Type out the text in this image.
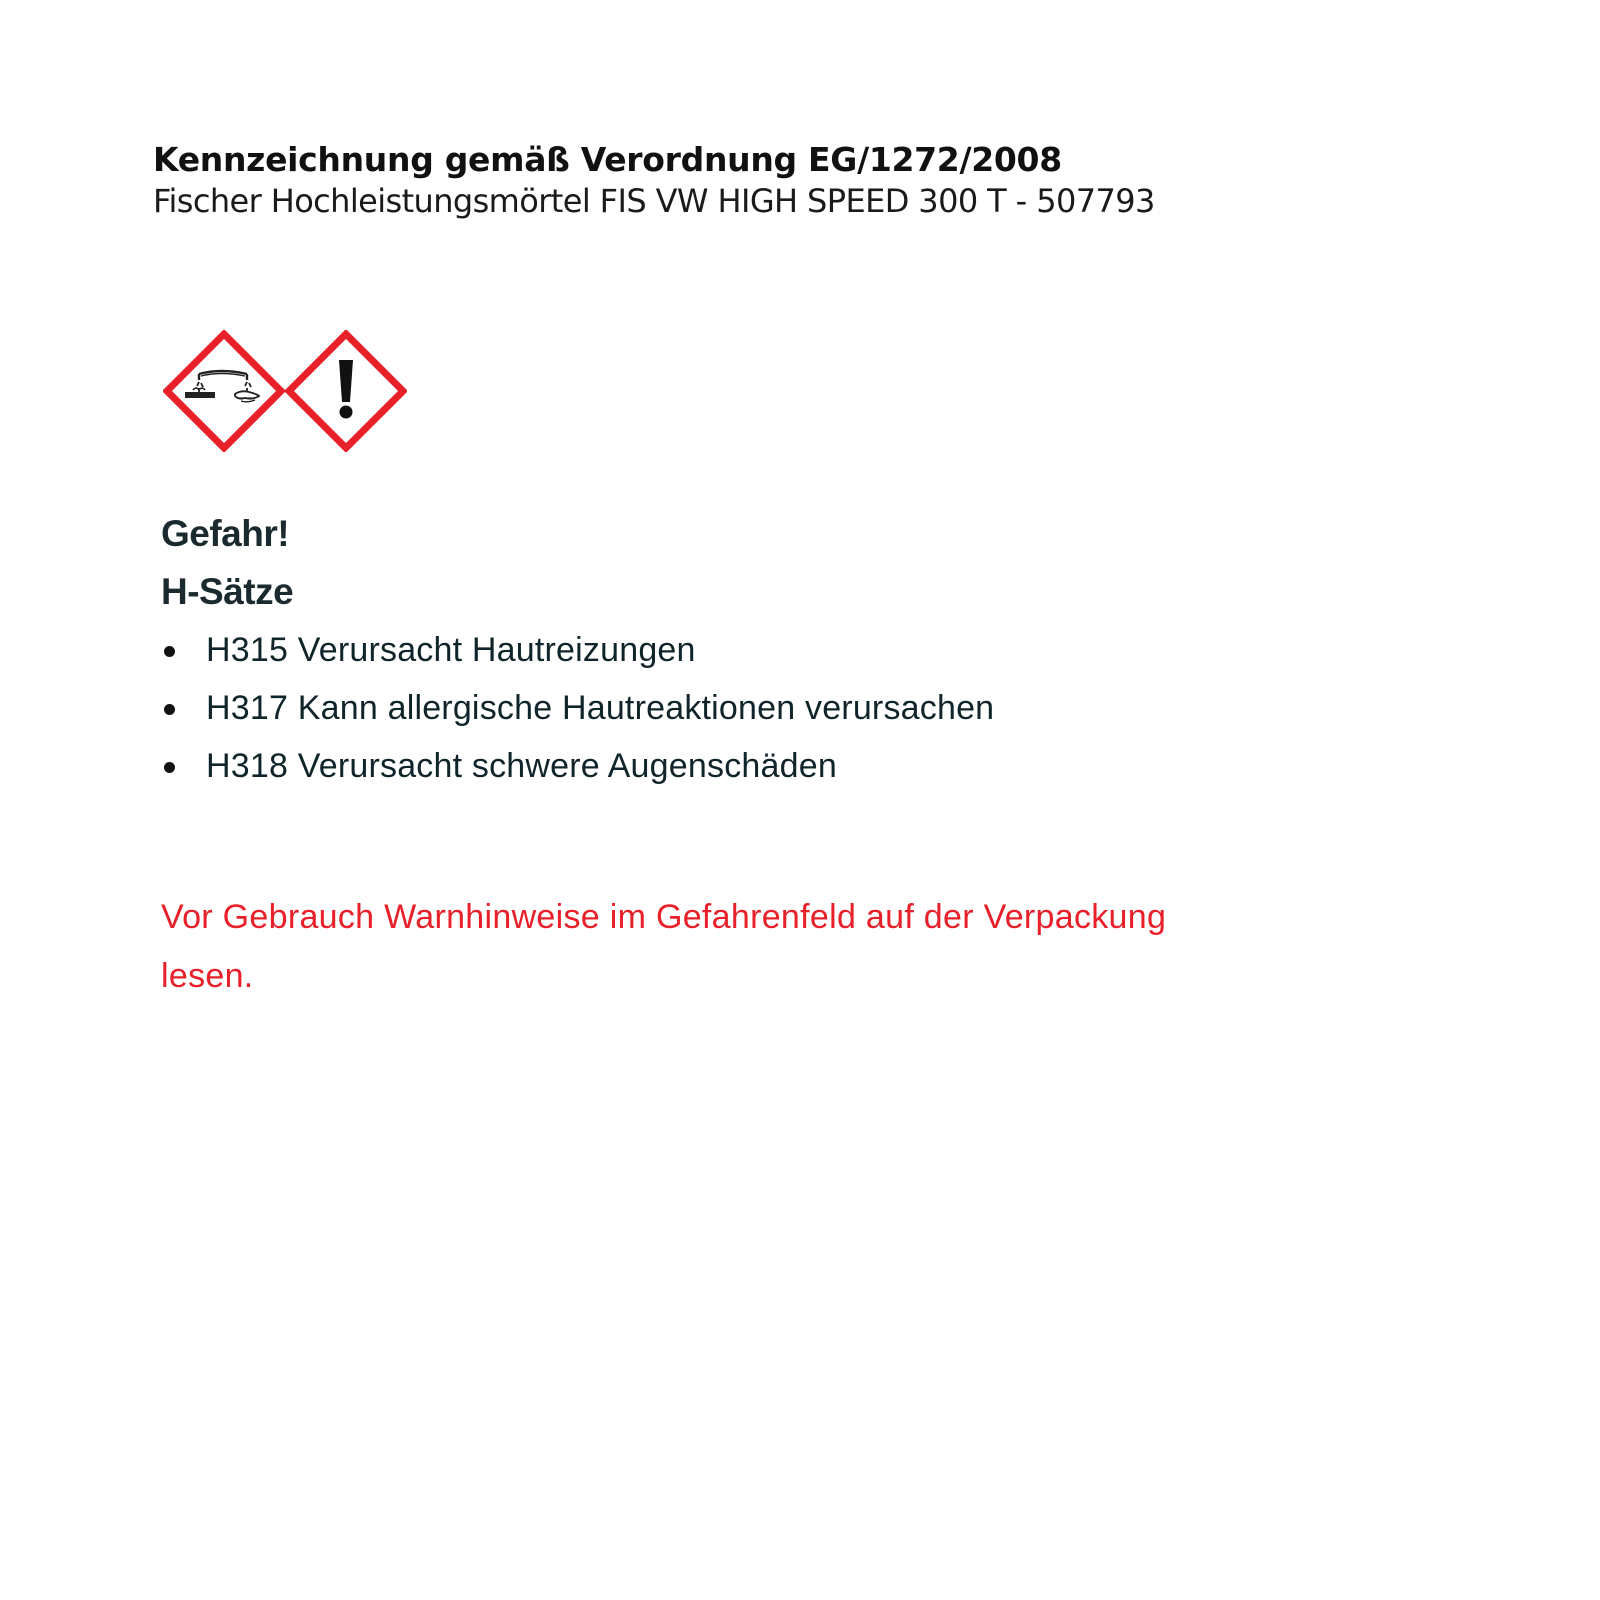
Kennzeichnung gemäß Verordnung EG/1272/2008
Fischer Hochleistungsmörtel FIS VW HIGH SPEED 300 T - 507793
Gefahr!
H-Sätze
H315 Verursacht Hautreizungen
H317 Kann allergische Hautreaktionen verursachen
H318 Verursacht schwere Augenschäden
Vor Gebrauch Warnhinweise im Gefahrenfeld auf der Verpackung lesen.
